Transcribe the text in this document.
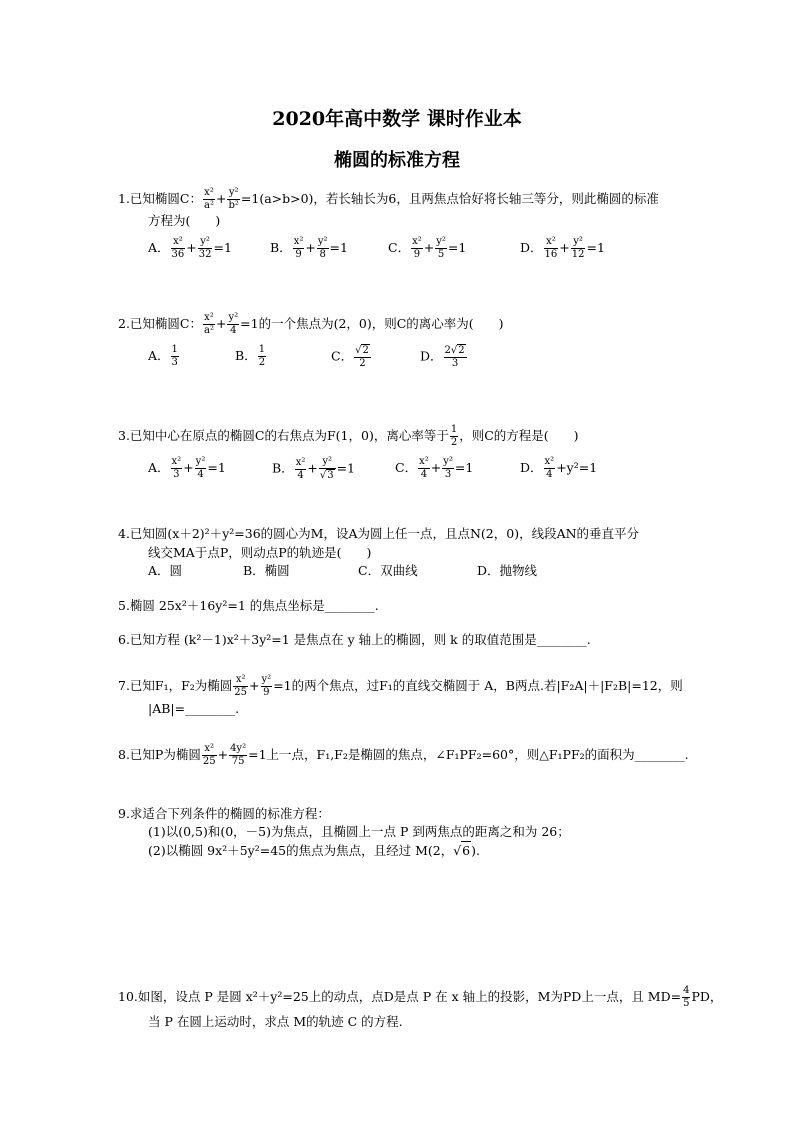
2020年高中数学 课时作业本
椭圆的标准方程
1.已知椭圆C： $\frac{\text{x²}}{\text{a²}} + \frac{\text{y²}}{\text{b²}} =1(a>b>0)$，若长轴长为6，且两焦点恰好将长轴三等分，则此椭圆的标准
方程为(　　)
A． $\frac{\text{x²}}{36} + \frac{\text{y²}}{32} =1$	B． $\frac{\text{x²}}{9} + \frac{\text{y²}}{8} =1$	C． $\frac{\text{x²}}{9} + \frac{\text{y²}}{5} =1$	D． $\frac{\text{x²}}{16} + \frac{\text{y²}}{12} =1$
2.已知椭圆C： $\frac{\text{x²}}{\text{a²}} + \frac{\text{y²}}{4} =1$的一个焦点为(2，0)，则C的离心率为(　　)
A． $\frac{1}{3}$	B． $\frac{1}{2}$	C． $\frac{√2}{2}$	D． $\frac{2√2}{3}$
3.已知中心在原点的椭圆C的右焦点为F(1，0)，离心率等于 $\frac{1}{2}$ ，则C的方程是(　　)
A． $\frac{\text{x²}}{3} + \frac{\text{y²}}{4} =1$	B． $\frac{\text{x²}}{4} + \frac{\text{y²}}{√3} =1$	C． $\frac{\text{x²}}{4} + \frac{\text{y²}}{3} =1$	D． $\frac{\text{x²}}{4} +y^2=1$
4.已知圆(x＋2)²＋y²=36的圆心为M，设A为圆上任一点，且点N(2，0)，线段AN的垂直平分
线交MA于点P，则动点P的轨迹是(　　)
A．圆	B．椭圆	C．双曲线	D．抛物线
5.椭圆 25x²＋16y²=1 的焦点坐标是________.
6.已知方程 (k²－1)x²＋3y²=1 是焦点在 y 轴上的椭圆，则 k 的取值范围是________.
7.已知F₁，F₂为椭圆 $\frac{\text{x²}}{25} + \frac{\text{y²}}{9} =1$的两个焦点，过F₁的直线交椭圆于 A，B两点.若|F₂A|＋|F₂B|=12，则
|AB|=________.
8.已知P为椭圆 $\frac{\text{x²}}{25} + \frac{\text{4y²}}{75} =1$上一点，F₁,F₂是椭圆的焦点，∠F₁PF₂=60°，则△F₁PF₂的面积为________.
9.求适合下列条件的椭圆的标准方程：
(1)以(0,5)和(0，－5)为焦点，且椭圆上一点 P 到两焦点的距离之和为 26；
(2)以椭圆 9x²＋5y²=45的焦点为焦点，且经过 M(2，√6).
10.如图，设点 P 是圆 x²＋y²=25上的动点，点D是点 P 在 x 轴上的投影，M为PD上一点，且 $MD= \frac{4}{5}$ PD，
当 P 在圆上运动时，求点 M的轨迹 C 的方程.
